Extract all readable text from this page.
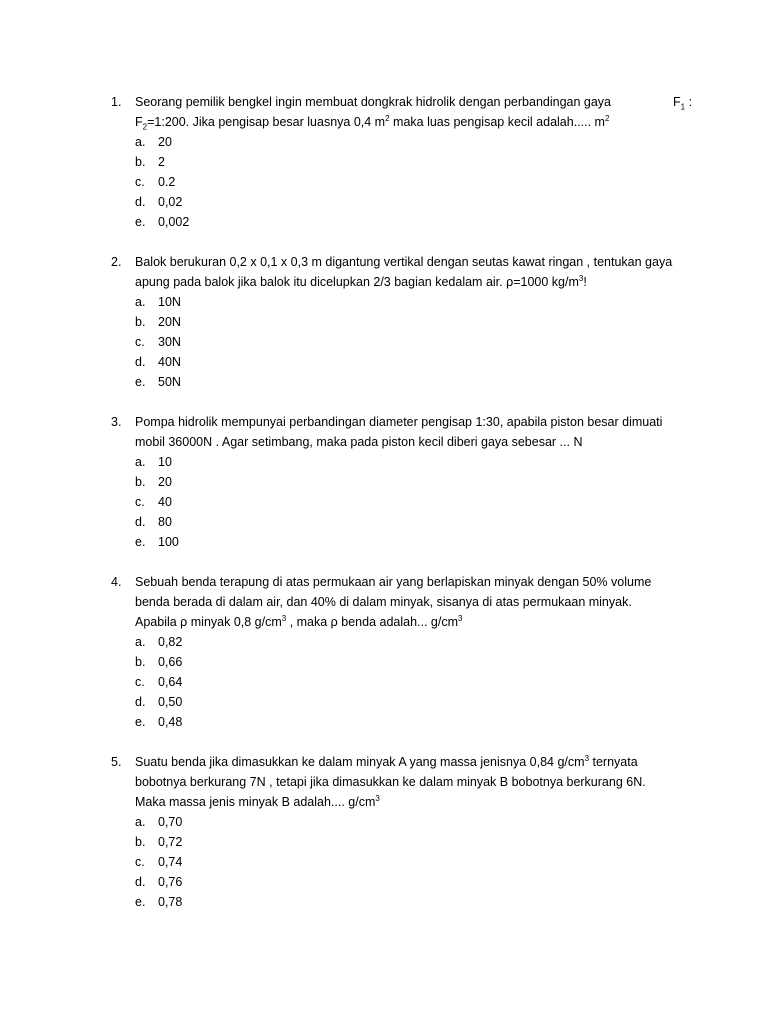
1. Seorang pemilik bengkel ingin membuat dongkrak hidrolik dengan perbandingan gaya	$F_1$ :
$F_2=1:200$. Jika pengisap besar luasnya 0,4 $m^2$ maka luas pengisap kecil adalah..... $m^2$
a. 20
b. 2
c. 0.2
d. 0,02
e. 0,002
2. Balok berukuran 0,2 x 0,1 x 0,3 m digantung vertikal dengan seutas kawat ringan , tentukan gaya
apung pada balok jika balok itu dicelupkan 2/3 bagian kedalam air. ρ=1000 $kg/m^3$!
a. 10N
b. 20N
c. 30N
d. 40N
e. 50N
3. Pompa hidrolik mempunyai perbandingan diameter pengisap 1:30, apabila piston besar dimuati
mobil 36000N . Agar setimbang, maka pada piston kecil diberi gaya sebesar ... N
a. 10
b. 20
c. 40
d. 80
e. 100
4. Sebuah benda terapung di atas permukaan air yang berlapiskan minyak dengan 50% volume
benda berada di dalam air, dan 40% di dalam minyak, sisanya di atas permukaan minyak.
Apabila ρ minyak 0,8 $g/cm^3$ , maka ρ benda adalah... $g/cm^3$
a. 0,82
b. 0,66
c. 0,64
d. 0,50
e. 0,48
5. Suatu benda jika dimasukkan ke dalam minyak A yang massa jenisnya 0,84 $g/cm^3$ ternyata
bobotnya berkurang 7N , tetapi jika dimasukkan ke dalam minyak B bobotnya berkurang 6N.
Maka massa jenis minyak B adalah.... $g/cm^3$
a. 0,70
b. 0,72
c. 0,74
d. 0,76
e. 0,78
